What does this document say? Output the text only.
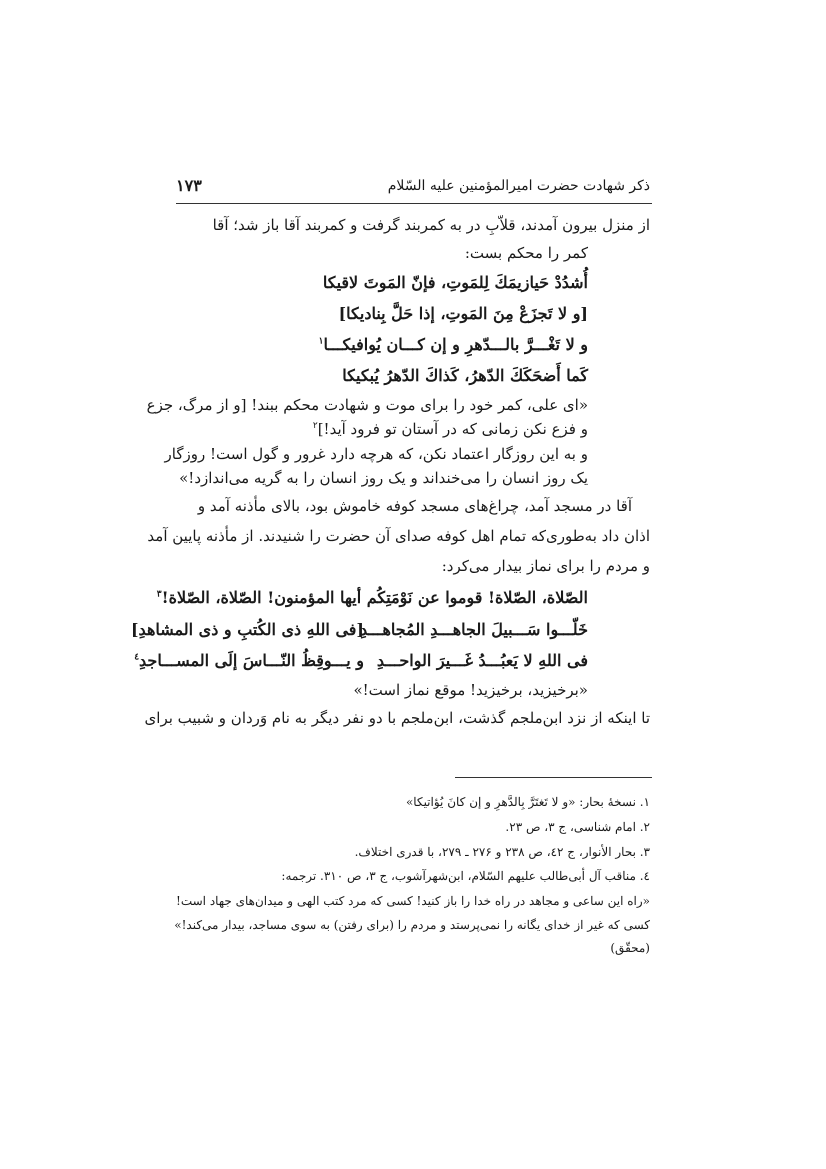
ذکر شهادت حضرت امیرالمؤمنین علیه السّلام
۱۷۳
از منزل بیرون آمدند، قلاّبِ در به کمربند گرفت و کمربند آقا باز شد؛ آقا
کمر را محکم بست:
أُشدُدْ حَیازیمَكَ لِلمَوتِ، فإنّ المَوتَ لاقیکا
[و لا تَجزَعْ مِنَ المَوتِ، إذا حَلَّ بِنادیکا]
و لا تَغْـــرَّ بالـــدّهرِ و إن کـــان یُوافیکـــا$^۱$
کَما أَضحَکَكَ الدّهرُ، كَذاكَ الدّهرُ یُبکیکا
«ای علی، کمر خود را برای موت و شهادت محکم ببند! [و از مرگ، جزع
و فزع نکن زمانی که در آستان تو فرود آید!]$^۲$
و به این روزگار اعتماد نکن، که هرچه دارد غرور و گول است! روزگار
یک روز انسان را می‌خنداند و یک روز انسان را به گریه می‌اندازد!»
آقا در مسجد آمد، چراغ‌های مسجد کوفه خاموش بود، بالای مأذنه آمد و
اذان داد به‌طوری‌که تمام اهل کوفه صدای آن حضرت را شنیدند. از مأذنه پایین آمد
و مردم را برای نماز بیدار می‌کرد:
الصّلاة، الصّلاة! قوموا عن نَوْمَتِکُم أیها المؤمنون! الصّلاة، الصّلاة!$^۳$
خَلّـــوا سَـــبیلَ الجاهـــدِ المُجاهـــدِ
[فی اللهِ ذی الکُتبِ و ذی المشاهدِ]
فی اللهِ لا یَعبُـــدُ غَـــیرَ الواحـــدِ
و یـــوقِظُ النّـــاسَ إلَی المســـاجدِ$^٤$
«برخیزید، برخیزید! موقع نماز است!»
تا اینکه از نزد ابن‌ملجم گذشت، ابن‌ملجم با دو نفر دیگر به نام وَردان و شبیب برای
۱. نسخهٔ بحار: «و لا تَغتَرَّ بِالدَّهرِ و إن كانَ یُؤاتیکا»
۲. امام شناسی، ج ۳، ص ۲۳.
۳. بحار الأنوار، ج ٤۲، ص ۲۳۸ و ۲۷۶ ـ ۲۷۹، با قدری اختلاف.
٤. مناقب آل أبی‌طالب علیهم السّلام، ابن‌شهرآشوب، ج ۳، ص ۳۱۰. ترجمه:
«راه این ساعی و مجاهد در راه خدا را باز کنید! کسی که مرد کتب الهی و میدان‌های جهاد است!
کسی که غیر از خدای یگانه را نمی‌پرستد و مردم را (برای رفتن) به سوی مساجد، بیدار می‌کند!»
(محقّق)
